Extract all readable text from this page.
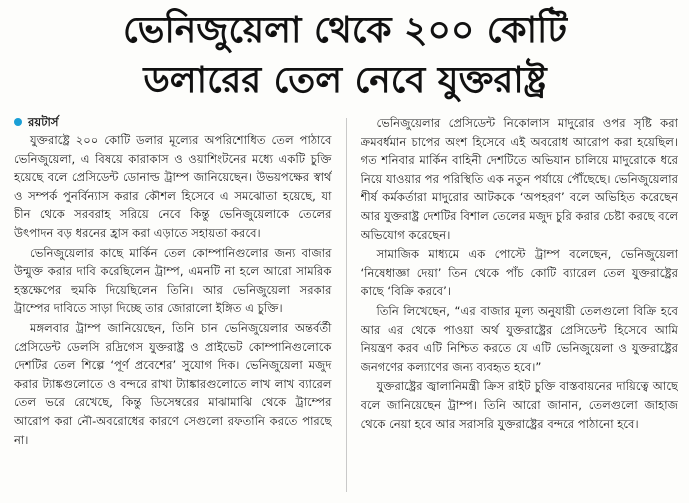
ভেনিজুয়েলা থেকে ২০০ কোটি
ডলারের তেল নেবে যুক্তরাষ্ট্র
রয়টার্স

যুক্তরাষ্ট্রে ২০০ কোটি ডলার মূল্যের অপরিশোধিত তেল পাঠাবে ভেনিজুয়েলা, এ বিষয়ে কারাকাস ও ওয়াশিংটনের মধ্যে একটি চুক্তি হয়েছে বলে প্রেসিডেন্ট ডোনাল্ড ট্রাম্প জানিয়েছেন। উভয়পক্ষের স্বার্থ ও সম্পর্ক পুনর্বিন্যাস করার কৌশল হিসেবে এ সমঝোতা হয়েছে, যা চীন থেকে সরবরাহ সরিয়ে নেবে কিন্তু ভেনিজুয়েলাকে তেলের উৎপাদন বড় ধরনের হ্রাস করা এড়াতে সহায়তা করবে।

ভেনিজুয়েলার কাছে মার্কিন তেল কোম্পানিগুলোর জন্য বাজার উন্মুক্ত করার দাবি করেছিলেন ট্রাম্প, এমনটি না হলে আরো সামরিক হস্তক্ষেপের হুমকি দিয়েছিলেন তিনি। আর ভেনিজুয়েলা সরকার ট্রাম্পের দাবিতে সাড়া দিচ্ছে তার জোরালো ইঙ্গিত এ চুক্তি।

মঙ্গলবার ট্রাম্প জানিয়েছেন, তিনি চান ভেনিজুয়েলার অন্তর্বর্তী প্রেসিডেন্ট ডেলসি রদ্রিগেস যুক্তরাষ্ট্র ও প্রাইভেট কোম্পানিগুলোকে দেশটির তেল শিল্পে ‘পূর্ণ প্রবেশের’ সুযোগ দিক। ভেনিজুয়েলা মজুদ করার ট্যাঙ্কগুলোতে ও বন্দরে রাখা ট্যাঙ্কারগুলোতে লাখ লাখ ব্যারেল তেল ভরে রেখেছে, কিন্তু ডিসেম্বরের মাঝামাঝি থেকে ট্রাম্পের আরোপ করা নৌ-অবরোধের কারণে সেগুলো রফতানি করতে পারছে না।

ভেনিজুয়েলার প্রেসিডেন্ট নিকোলাস মাদুরোর ওপর সৃষ্টি করা ক্রমবর্ধমান চাপের অংশ হিসেবে এই অবরোধ আরোপ করা হয়েছিল। গত শনিবার মার্কিন বাহিনী দেশটিতে অভিযান চালিয়ে মাদুরোকে ধরে নিয়ে যাওয়ার পর পরিস্থিতি এক নতুন পর্যায়ে পৌঁছেছে। ভেনিজুয়েলার শীর্ষ কর্মকর্তারা মাদুরোর আটককে ‘অপহরণ’ বলে অভিহিত করেছেন আর যুক্তরাষ্ট্র দেশটির বিশাল তেলের মজুদ চুরি করার চেষ্টা করছে বলে অভিযোগ করেছেন।

সামাজিক মাধ্যমে এক পোস্টে ট্রাম্প বলেছেন, ভেনিজুয়েলা ‘নিষেধাজ্ঞা দেয়া’ তিন থেকে পাঁচ কোটি ব্যারেল তেল যুক্তরাষ্ট্রের কাছে ‘বিক্রি করবে’।

তিনি লিখেছেন, “এর বাজার মূল্য অনুযায়ী তেলগুলো বিক্রি হবে আর এর থেকে পাওয়া অর্থ যুক্তরাষ্ট্রের প্রেসিডেন্ট হিসেবে আমি নিয়ন্ত্রণ করব এটি নিশ্চিত করতে যে এটি ভেনিজুয়েলা ও যুক্তরাষ্ট্রের জনগণের কল্যাণের জন্য ব্যবহৃত হবে।”

যুক্তরাষ্ট্রের জ্বালানিমন্ত্রী ক্রিস রাইট চুক্তি বাস্তবায়নের দায়িত্বে আছে বলে জানিয়েছেন ট্রাম্প। তিনি আরো জানান, তেলগুলো জাহাজ থেকে নেয়া হবে আর সরাসরি যুক্তরাষ্ট্রের বন্দরে পাঠানো হবে।
